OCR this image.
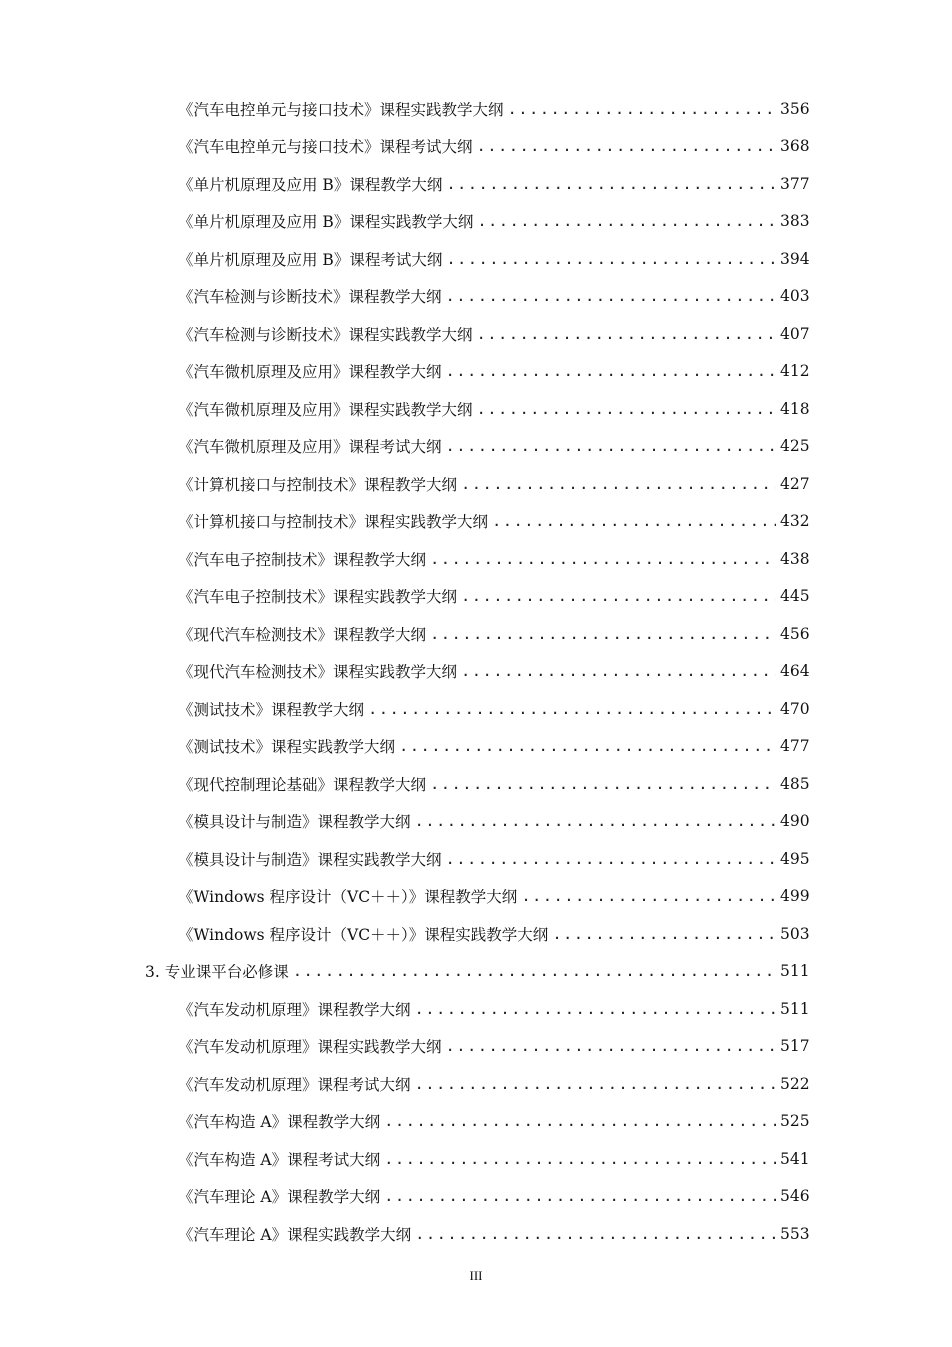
《汽车电控单元与接口技术》课程实践教学大纲 .....	356
《汽车电控单元与接口技术》课程考试大纲 .....	368
《单片机原理及应用 B》课程教学大纲 .....	377
《单片机原理及应用 B》课程实践教学大纲 .....	383
《单片机原理及应用 B》课程考试大纲 .....	394
《汽车检测与诊断技术》课程教学大纲 .....	403
《汽车检测与诊断技术》课程实践教学大纲 .....	407
《汽车微机原理及应用》课程教学大纲 .....	412
《汽车微机原理及应用》课程实践教学大纲 .....	418
《汽车微机原理及应用》课程考试大纲 .....	425
《计算机接口与控制技术》课程教学大纲 .....	427
《计算机接口与控制技术》课程实践教学大纲 .....	432
《汽车电子控制技术》课程教学大纲 .....	438
《汽车电子控制技术》课程实践教学大纲 .....	445
《现代汽车检测技术》课程教学大纲 .....	456
《现代汽车检测技术》课程实践教学大纲 .....	464
《测试技术》课程教学大纲 .....	470
《测试技术》课程实践教学大纲 .....	477
《现代控制理论基础》课程教学大纲 .....	485
《模具设计与制造》课程教学大纲 .....	490
《模具设计与制造》课程实践教学大纲 .....	495
《Windows 程序设计（VC＋＋）》课程教学大纲 .....	499
《Windows 程序设计（VC＋＋）》课程实践教学大纲 .....	503
3. 专业课平台必修课 .....	511
《汽车发动机原理》课程教学大纲 .....	511
《汽车发动机原理》课程实践教学大纲 .....	517
《汽车发动机原理》课程考试大纲 .....	522
《汽车构造 A》课程教学大纲 .....	525
《汽车构造 A》课程考试大纲 .....	541
《汽车理论 A》课程教学大纲 .....	546
《汽车理论 A》课程实践教学大纲 .....	553
III
